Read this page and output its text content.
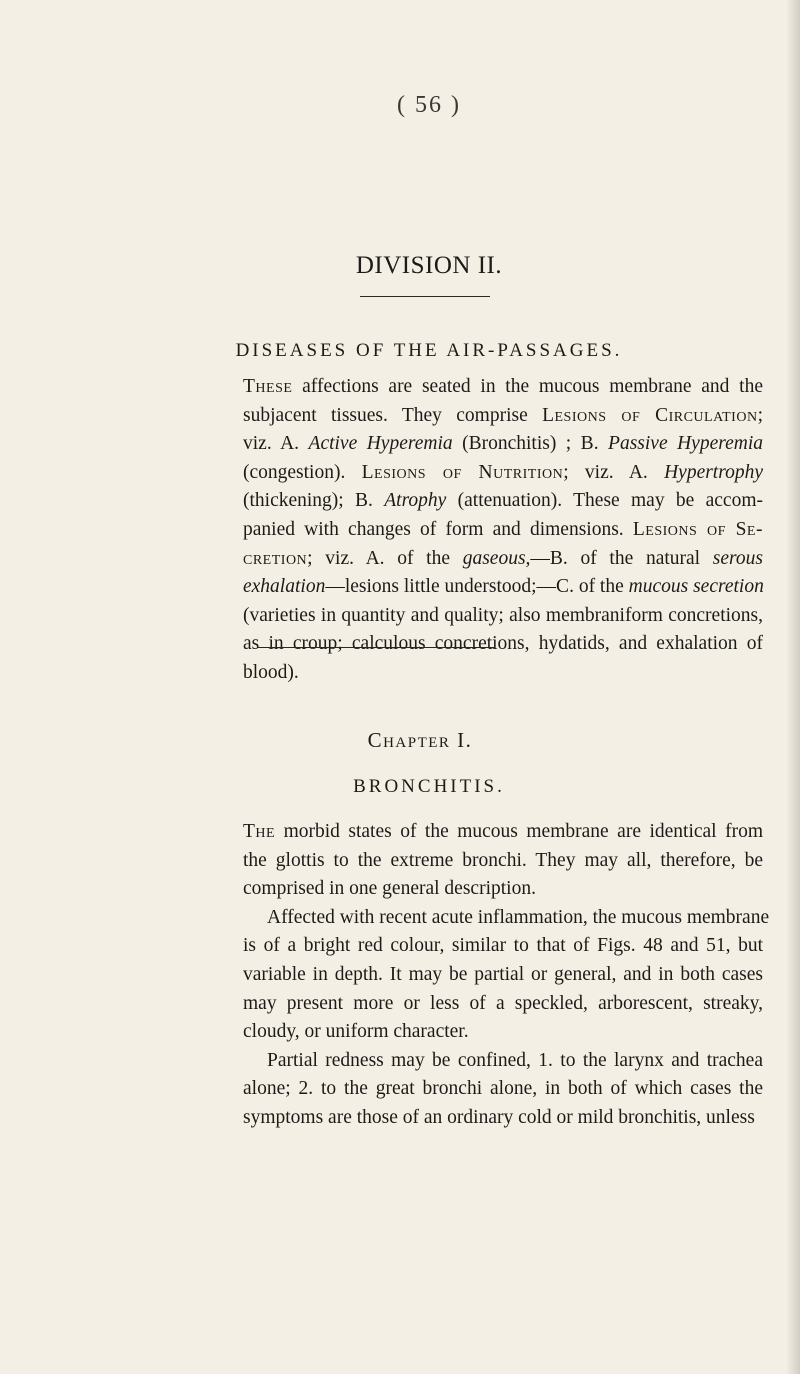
( 56 )
DIVISION II.
DISEASES OF THE AIR-PASSAGES.
These affections are seated in the mucous membrane and the
subjacent tissues. They comprise Lesions of Circulation;
viz. A. Active Hyperemia (Bronchitis) ; B. Passive Hyperemia
(congestion). Lesions of Nutrition; viz. A. Hypertrophy
(thickening); B. Atrophy (attenuation). These may be accom-
panied with changes of form and dimensions. Lesions of Se-
cretion; viz. A. of the gaseous,—B. of the natural serous
exhalation—lesions little understood;—C. of the mucous secretion
(varieties in quantity and quality; also membraniform concretions,
as in croup; calculous concretions, hydatids, and exhalation of
blood).
Chapter I.
BRONCHITIS.
The morbid states of the mucous membrane are identical from
the glottis to the extreme bronchi. They may all, therefore, be
comprised in one general description.
Affected with recent acute inflammation, the mucous membrane
is of a bright red colour, similar to that of Figs. 48 and 51, but
variable in depth. It may be partial or general, and in both cases
may present more or less of a speckled, arborescent, streaky,
cloudy, or uniform character.
Partial redness may be confined, 1. to the larynx and trachea
alone; 2. to the great bronchi alone, in both of which cases the
symptoms are those of an ordinary cold or mild bronchitis, unless
